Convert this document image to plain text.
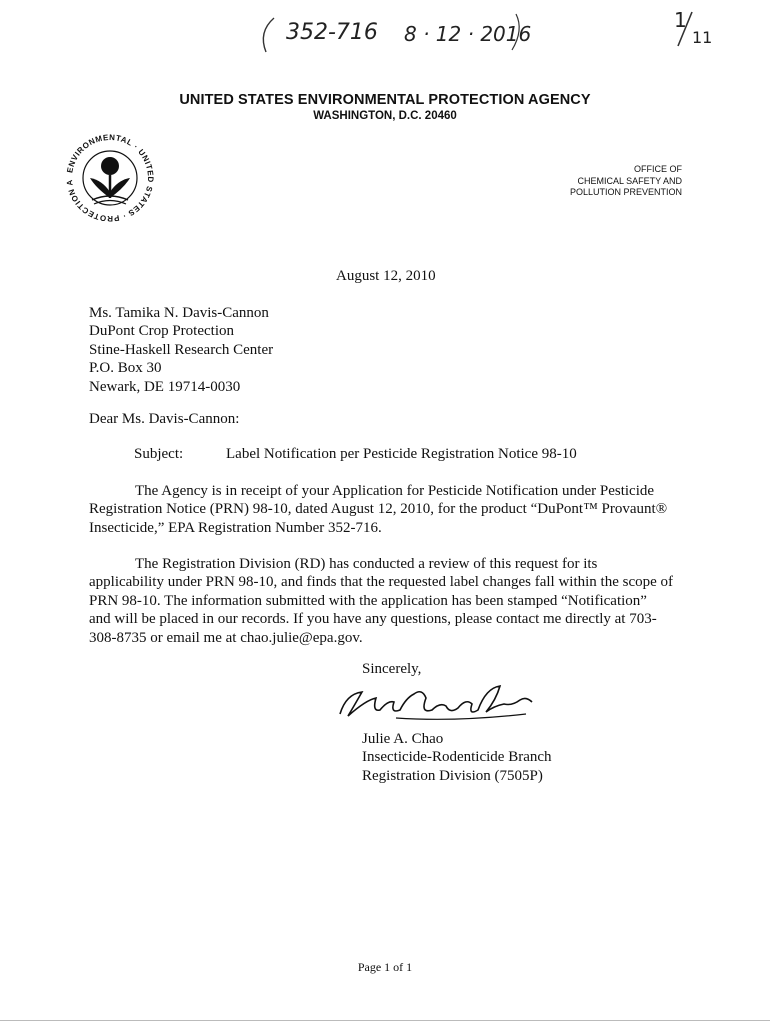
352-716 8 · 12 · 2016
1
11
UNITED STATES ENVIRONMENTAL PROTECTION AGENCY
WASHINGTON, D.C. 20460
ENVIRONMENTAL · UNITED STATES · PROTECTION A
OFFICE OF
CHEMICAL SAFETY AND
POLLUTION PREVENTION
August 12, 2010
Ms. Tamika N. Davis-Cannon
DuPont Crop Protection
Stine-Haskell Research Center
P.O. Box 30
Newark, DE 19714-0030
Dear Ms. Davis-Cannon:
Subject:	Label Notification per Pesticide Registration Notice 98-10
The Agency is in receipt of your Application for Pesticide Notification under Pesticide
Registration Notice (PRN) 98-10, dated August 12, 2010, for the product “DuPont™ Provaunt®
Insecticide,” EPA Registration Number 352-716.
The Registration Division (RD) has conducted a review of this request for its
applicability under PRN 98-10, and finds that the requested label changes fall within the scope of
PRN 98-10. The information submitted with the application has been stamped “Notification”
and will be placed in our records. If you have any questions, please contact me directly at 703-
308-8735 or email me at chao.julie@epa.gov.
Sincerely,
Julie A. Chao
Insecticide-Rodenticide Branch
Registration Division (7505P)
Page 1 of 1
